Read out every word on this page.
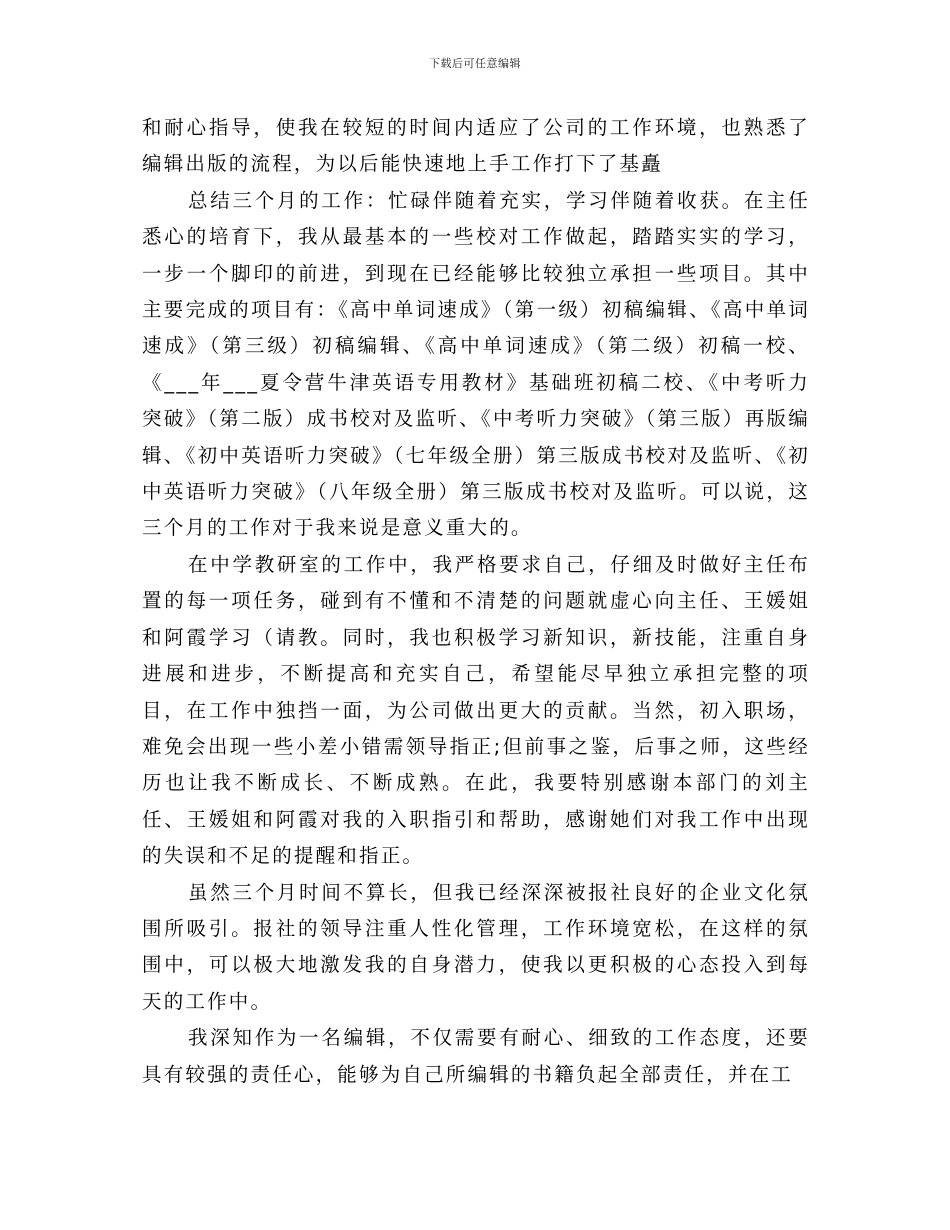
下载后可任意编辑

和耐心指导，使我在较短的时间内适应了公司的工作环境，也熟悉了编辑出版的流程，为以后能快速地上手工作打下了基矗

总结三个月的工作：忙碌伴随着充实，学习伴随着收获。在主任悉心的培育下，我从最基本的一些校对工作做起，踏踏实实的学习，一步一个脚印的前进，到现在已经能够比较独立承担一些项目。其中主要完成的项目有：《高中单词速成》（第一级）初稿编辑、《高中单词速成》（第三级）初稿编辑、《高中单词速成》（第二级）初稿一校、《___年___夏令营牛津英语专用教材》基础班初稿二校、《中考听力突破》（第二版）成书校对及监听、《中考听力突破》（第三版）再版编辑、《初中英语听力突破》（七年级全册）第三版成书校对及监听、《初中英语听力突破》（八年级全册）第三版成书校对及监听。可以说，这三个月的工作对于我来说是意义重大的。

在中学教研室的工作中，我严格要求自己，仔细及时做好主任布置的每一项任务，碰到有不懂和不清楚的问题就虚心向主任、王媛姐和阿霞学习（请教。同时，我也积极学习新知识，新技能，注重自身进展和进步，不断提高和充实自己，希望能尽早独立承担完整的项目，在工作中独挡一面，为公司做出更大的贡献。当然，初入职场，难免会出现一些小差小错需领导指正;但前事之鉴，后事之师，这些经历也让我不断成长、不断成熟。在此，我要特别感谢本部门的刘主任、王媛姐和阿霞对我的入职指引和帮助，感谢她们对我工作中出现的失误和不足的提醒和指正。

虽然三个月时间不算长，但我已经深深被报社良好的企业文化氛围所吸引。报社的领导注重人性化管理，工作环境宽松，在这样的氛围中，可以极大地激发我的自身潜力，使我以更积极的心态投入到每天的工作中。

我深知作为一名编辑，不仅需要有耐心、细致的工作态度，还要具有较强的责任心，能够为自己所编辑的书籍负起全部责任，并在工
